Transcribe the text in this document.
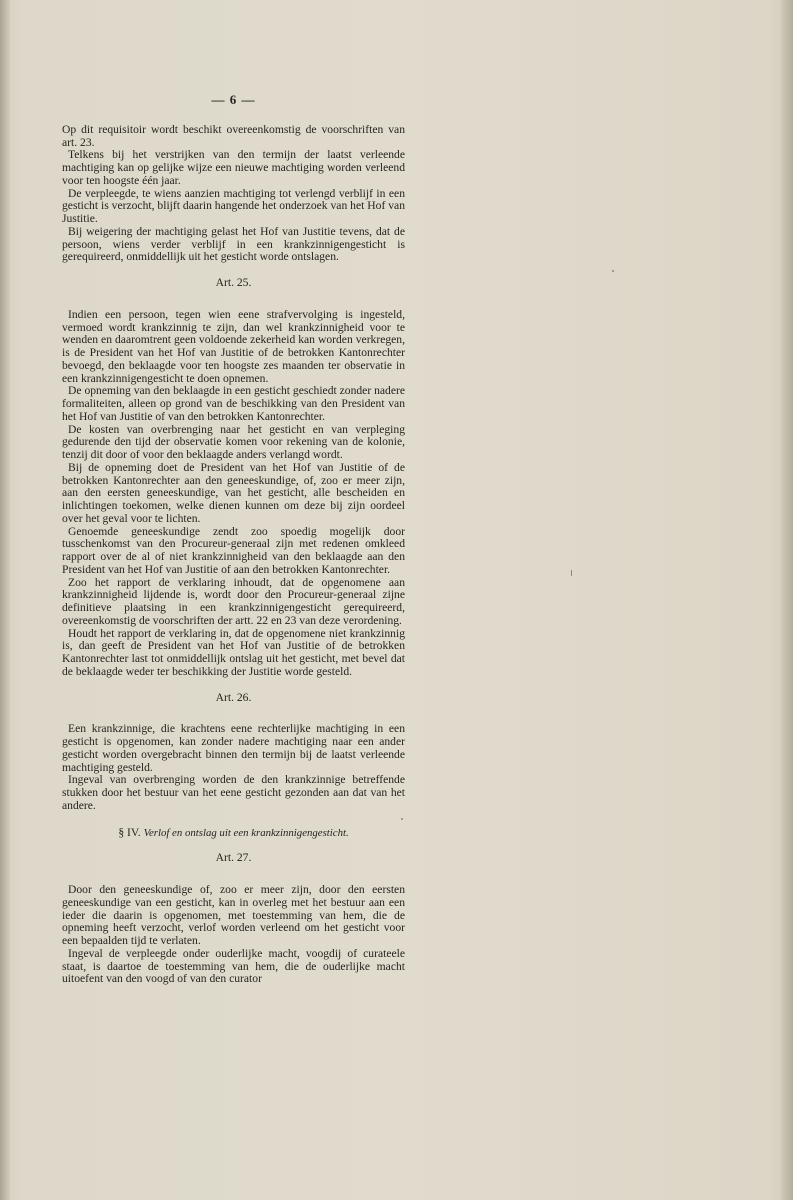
— 6 —

Op dit requisitoir wordt beschikt overeenkomstig de voorschriften van art. 23.

Telkens bij het verstrijken van den termijn der laatst verleende machtiging kan op gelijke wijze een nieuwe machtiging worden verleend voor ten hoogste één jaar.

De verpleegde, te wiens aanzien machtiging tot verlengd verblijf in een gesticht is verzocht, blijft daarin hangende het onderzoek van het Hof van Justitie.

Bij weigering der machtiging gelast het Hof van Justitie tevens, dat de persoon, wiens verder verblijf in een krankzinnigengesticht is gerequireerd, onmiddellijk uit het gesticht worde ontslagen.

Art. 25.

Indien een persoon, tegen wien eene strafvervolging is ingesteld, vermoed wordt krankzinnig te zijn, dan wel krankzinnigheid voor te wenden en daaromtrent geen voldoende zekerheid kan worden verkregen, is de President van het Hof van Justitie of de betrokken Kantonrechter bevoegd, den beklaagde voor ten hoogste zes maanden ter observatie in een krankzinnigengesticht te doen opnemen.

De opneming van den beklaagde in een gesticht geschiedt zonder nadere formaliteiten, alleen op grond van de beschikking van den President van het Hof van Justitie of van den betrokken Kantonrechter.

De kosten van overbrenging naar het gesticht en van verpleging gedurende den tijd der observatie komen voor rekening van de kolonie, tenzij dit door of voor den beklaagde anders verlangd wordt.

Bij de opneming doet de President van het Hof van Justitie of de betrokken Kantonrechter aan den geneeskundige, of, zoo er meer zijn, aan den eersten geneeskundige, van het gesticht, alle bescheiden en inlichtingen toekomen, welke dienen kunnen om deze bij zijn oordeel over het geval voor te lichten.

Genoemde geneeskundige zendt zoo spoedig mogelijk door tusschenkomst van den Procureur-generaal zijn met redenen omkleed rapport over de al of niet krankzinnigheid van den beklaagde aan den President van het Hof van Justitie of aan den betrokken Kantonrechter.

Zoo het rapport de verklaring inhoudt, dat de opgenomene aan krankzinnigheid lijdende is, wordt door den Procureur-generaal zijne definitieve plaatsing in een krankzinnigengesticht gerequireerd, overeenkomstig de voorschriften der artt. 22 en 23 van deze verordening.

Houdt het rapport de verklaring in, dat de opgenomene niet krankzinnig is, dan geeft de President van het Hof van Justitie of de betrokken Kantonrechter last tot onmiddellijk ontslag uit het gesticht, met bevel dat de beklaagde weder ter beschikking der Justitie worde gesteld.

Art. 26.

Een krankzinnige, die krachtens eene rechterlijke machtiging in een gesticht is opgenomen, kan zonder nadere machtiging naar een ander gesticht worden overgebracht binnen den termijn bij de laatst verleende machtiging gesteld.

Ingeval van overbrenging worden de den krankzinnige betreffende stukken door het bestuur van het eene gesticht gezonden aan dat van het andere.

§ IV. Verlof en ontslag uit een krankzinnigengesticht.
Art. 27.

Door den geneeskundige of, zoo er meer zijn, door den eersten geneeskundige van een gesticht, kan in overleg met het bestuur aan een ieder die daarin is opgenomen, met toestemming van hem, die de opneming heeft verzocht, verlof worden verleend om het gesticht voor een bepaalden tijd te verlaten.

Ingeval de verpleegde onder ouderlijke macht, voogdij of curateele staat, is daartoe de toestemming van hem, die de ouderlijke macht uitoefent van den voogd of van den curator
